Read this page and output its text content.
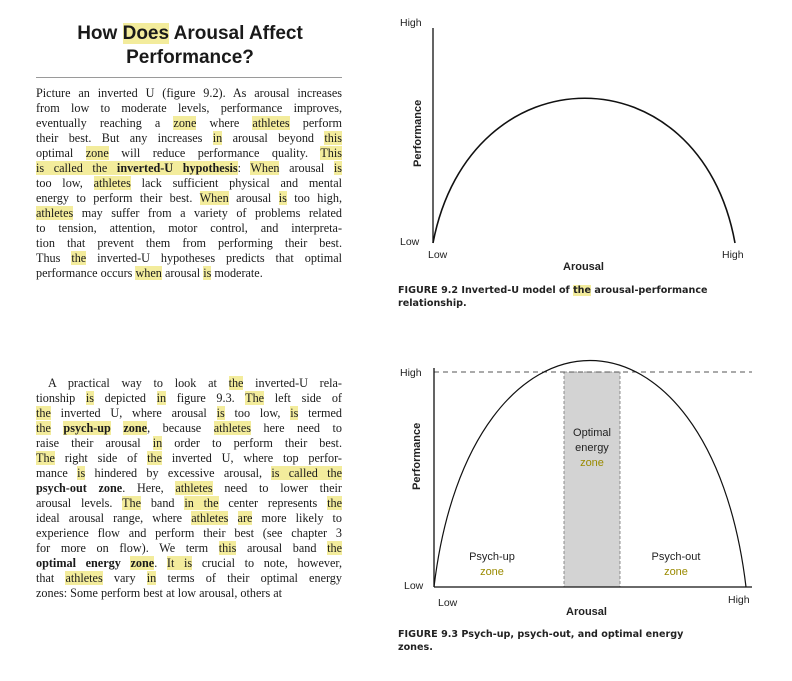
How Does Arousal Affect
Performance?
Picture an inverted U (figure 9.2). As arousal increases
from low to moderate levels, performance improves,
eventually reaching a zone where athletes perform
their best. But any increases in arousal beyond this
optimal zone will reduce performance quality. This
is called the inverted-U hypothesis: When arousal is
too low, athletes lack sufficient physical and mental
energy to perform their best. When arousal is too high,
athletes may suffer from a variety of problems related
to tension, attention, motor control, and interpreta-
tion that prevent them from performing their best.
Thus the inverted-U hypotheses predicts that optimal
performance occurs when arousal is moderate.
A practical way to look at the inverted-U rela-
tionship is depicted in figure 9.3. The left side of
the inverted U, where arousal is too low, is termed
the psych-up zone, because athletes here need to
raise their arousal in order to perform their best.
The right side of the inverted U, where top perfor-
mance is hindered by excessive arousal, is called the
psych-out zone. Here, athletes need to lower their
arousal levels. The band in the center represents the
ideal arousal range, where athletes are more likely to
experience flow and perform their best (see chapter 3
for more on flow). We term this arousal band the
optimal energy zone. It is crucial to note, however,
that athletes vary in terms of their optimal energy
zones: Some perform best at low arousal, others at
High
Low
Performance
Low	High
Arousal
FIGURE 9.2 Inverted-U model of the arousal-performance
relationship.
High
Low
Performance	Optimal
energy
zone
Psych-up
zone
Psych-out
zone
Low	High
Arousal
FIGURE 9.3 Psych-up, psych-out, and optimal energy
zones.
